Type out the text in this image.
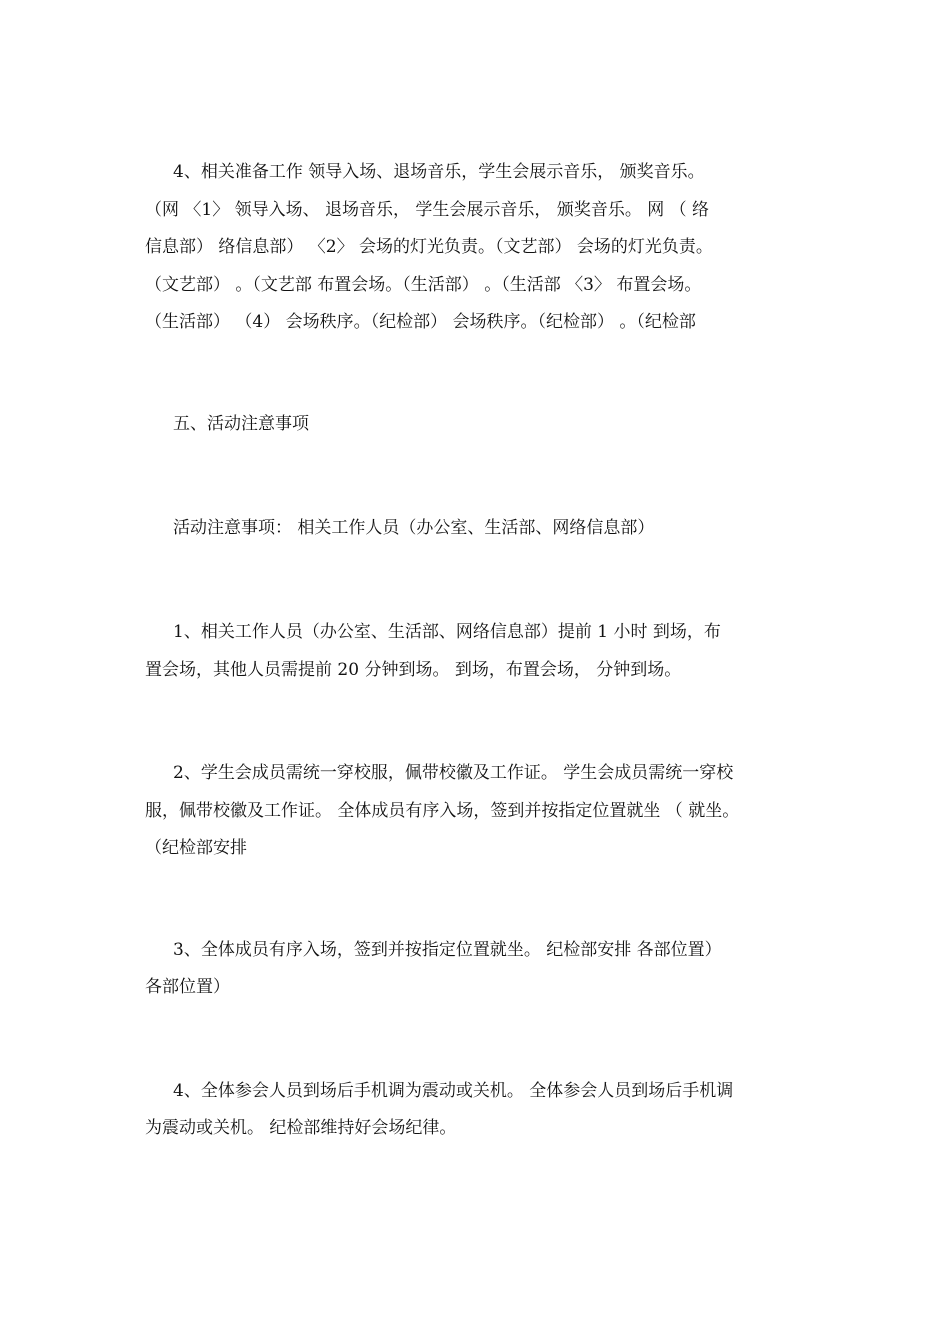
4、相关准备工作 领导入场、退场音乐，学生会展示音乐， 颁奖音乐。
（网 〈1〉 领导入场、 退场音乐， 学生会展示音乐， 颁奖音乐。 网 （ 络
信息部） 络信息部） 〈2〉 会场的灯光负责。（文艺部） 会场的灯光负责。
（文艺部） 。（文艺部 布置会场。（生活部） 。（生活部 〈3〉 布置会场。
（生活部） （4） 会场秩序。（纪检部） 会场秩序。（纪检部） 。（纪检部
五、活动注意事项
活动注意事项： 相关工作人员（办公室、生活部、网络信息部）
1、相关工作人员（办公室、生活部、网络信息部）提前 1 小时 到场，布
置会场，其他人员需提前 20 分钟到场。 到场，布置会场， 分钟到场。
2、学生会成员需统一穿校服，佩带校徽及工作证。 学生会成员需统一穿校
服，佩带校徽及工作证。 全体成员有序入场，签到并按指定位置就坐 （ 就坐。
（纪检部安排
3、全体成员有序入场，签到并按指定位置就坐。 纪检部安排 各部位置）
各部位置）
4、全体参会人员到场后手机调为震动或关机。 全体参会人员到场后手机调
为震动或关机。 纪检部维持好会场纪律。
